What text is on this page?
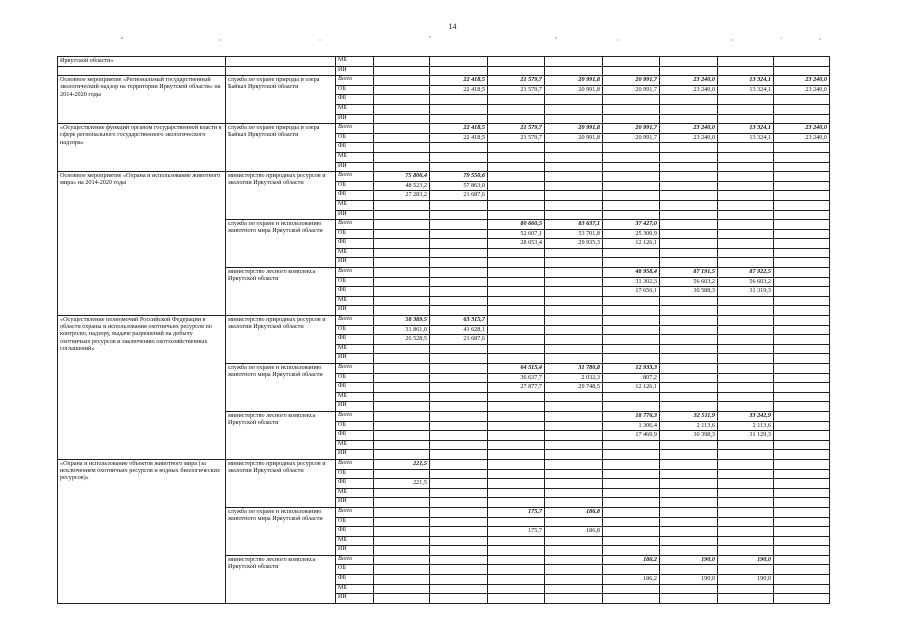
14
Иркутской области»		МБ								
		ИИ								
Основное мероприятие «Региональный государственный экологический надзор на территории Иркутской области» на 2014-2020 годы	служба по охране природы и озера Байкал Иркутской области	Всего		22 418,5	21 579,7	20 991,8	20 991,7	23 240,0	13 324,1	23 240,0
		ОБ		22 418,5	21 579,7	20 991,8	20 991,7	23 240,0	13 324,1	23 240,0
		ФБ								
		МБ								
		ИИ								
«Осуществление функций органом государственной власти в сфере регионального государственного экологического надзора»	служба по охране природы и озера Байкал Иркутской области	Всего		22 418,5	21 579,7	20 991,8	20 991,7	23 240,0	13 324,1	23 240,0
		ОБ		22 418,5	21 579,7	20 991,8	20 991,7	23 240,0	13 324,1	23 240,0
		ФБ								
		МБ								
		ИИ								
Основное мероприятие «Охрана и использование животного мира» на 2014-2020 годы	министерство природных ресурсов и экологии Иркутской области	Всего	75 806,4	79 550,6						
		ОБ	48 523,2	57 863,0						
		ФБ	27 283,2	21 687,6						
		МБ								
		ИИ								
	служба по охране и использованию животного мира Иркутской области	Всего			80 660,5	83 637,1	37 427,0			
		ОБ			52 607,1	53 701,8	25 300,9			
		ФБ			28 053,4	29 935,3	12 126,1			
		МБ								
		ИИ								
	министерство лесного комплекса Иркутской области	Всего					48 958,4	87 191,5	87 922,5	
		ОБ					31 302,3	56 603,2	56 603,2	
		ФБ					17 656,1	30 588,3	31 319,3	
		МБ								
		ИИ								
«Осуществление полномочий Российской Федерации в области охраны и использования охотничьих ресурсов по контролю, надзору, выдаче разрешений на добычу охотничьих ресурсов и заключению охотхозяйственных соглашений»	министерство природных ресурсов и экологии Иркутской области	Всего	58 389,5	63 315,7						
		ОБ	31 861,0	41 628,1						
		ФБ	26 528,5	21 687,6						
		МБ								
		ИИ								
	служба по охране и использованию животного мира Иркутской области	Всего			64 515,4	31 780,8	12 933,3			
		ОБ			36 637,7	2 032,3	807,2			
		ФБ			27 877,7	29 748,5	12 126,1			
		МБ								
		ИИ								
	министерство лесного комплекса Иркутской области	Всего					18 776,3	32 511,9	33 242,9	
		ОБ					1 306,4	2 113,6	2 113,6	
		ФБ					17 469,9	30 398,3	31 129,3	
		МБ								
		ИИ								
«Охрана и использование объектов животного мира (за исключением охотничьих ресурсов и водных биологических ресурсов)»	министерство природных ресурсов и экологии Иркутской области	Всего	221,5							
		ОБ								
		ФБ	221,5							
		МБ								
		ИИ								
	служба по охране и использованию животного мира Иркутской области	Всего			175,7	186,8				
		ОБ								
		ФБ			175,7	186,8				
		МБ								
		ИИ								
	министерство лесного комплекса Иркутской области	Всего					186,2	190,0	190,0	
		ОБ								
		ФБ					186,2	190,0	190,0	
		МБ								
		ИИ								
